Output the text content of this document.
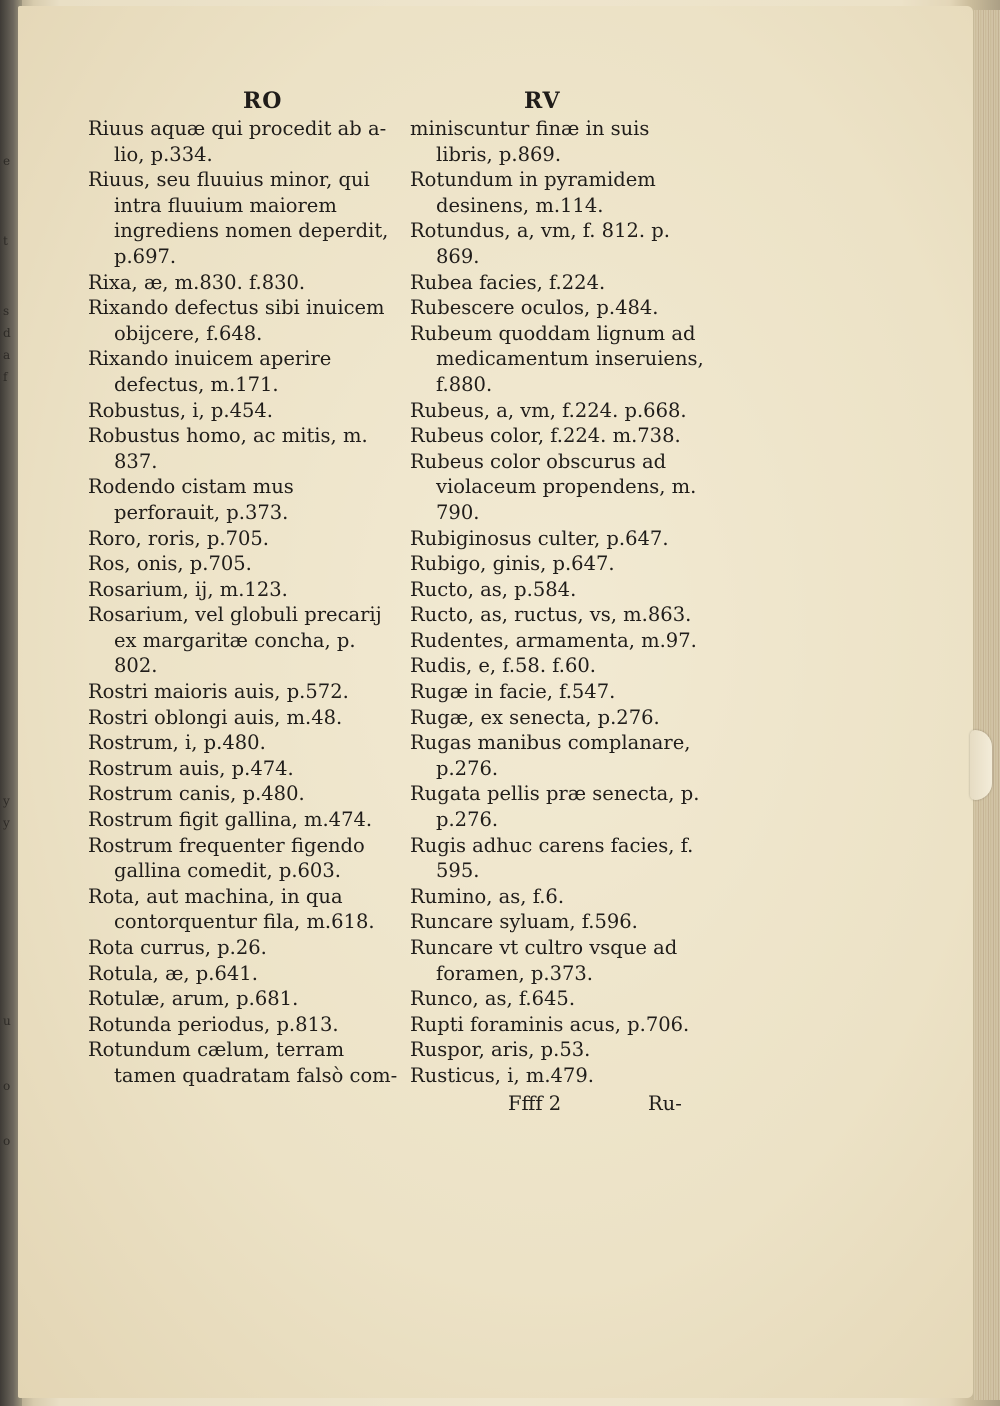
e
t
s
d
a
f
y
y
u
o
o
RO	RV

Riuus aquæ qui procedit ab a-lio, p.334.

Riuus, seu fluuius minor, qui intra fluuium maiorem ingrediens nomen deperdit, p.697.

Rixa, æ, m.830. f.830.

Rixando defectus sibi inuicem obijcere, f.648.

Rixando inuicem aperire defectus, m.171.

Robustus, i, p.454.

Robustus homo, ac mitis, m. 837.

Rodendo cistam mus perforauit, p.373.

Roro, roris, p.705.

Ros, onis, p.705.

Rosarium, ij, m.123.

Rosarium, vel globuli precarij ex margaritæ concha, p. 802.

Rostri maioris auis, p.572.

Rostri oblongi auis, m.48.

Rostrum, i, p.480.

Rostrum auis, p.474.

Rostrum canis, p.480.

Rostrum figit gallina, m.474.

Rostrum frequenter figendo gallina comedit, p.603.

Rota, aut machina, in qua contorquentur fila, m.618.

Rota currus, p.26.

Rotula, æ, p.641.

Rotulæ, arum, p.681.

Rotunda periodus, p.813.

Rotundum cælum, terram tamen quadratam falsò com-

miniscuntur finæ in suis libris, p.869.

Rotundum in pyramidem desinens, m.114.

Rotundus, a, vm, f. 812. p. 869.

Rubea facies, f.224.

Rubescere oculos, p.484.

Rubeum quoddam lignum ad medicamentum inseruiens, f.880.

Rubeus, a, vm, f.224. p.668.

Rubeus color, f.224. m.738.

Rubeus color obscurus ad violaceum propendens, m. 790.

Rubiginosus culter, p.647.

Rubigo, ginis, p.647.

Ructo, as, p.584.

Ructo, as, ructus, vs, m.863.

Rudentes, armamenta, m.97.

Rudis, e, f.58. f.60.

Rugæ in facie, f.547.

Rugæ, ex senecta, p.276.

Rugas manibus complanare, p.276.

Rugata pellis præ senecta, p. p.276.

Rugis adhuc carens facies, f. 595.

Rumino, as, f.6.

Runcare syluam, f.596.

Runcare vt cultro vsque ad foramen, p.373.

Runco, as, f.645.

Rupti foraminis acus, p.706.

Ruspor, aris, p.53.

Rusticus, i, m.479.

Ffff 2	Ru-
